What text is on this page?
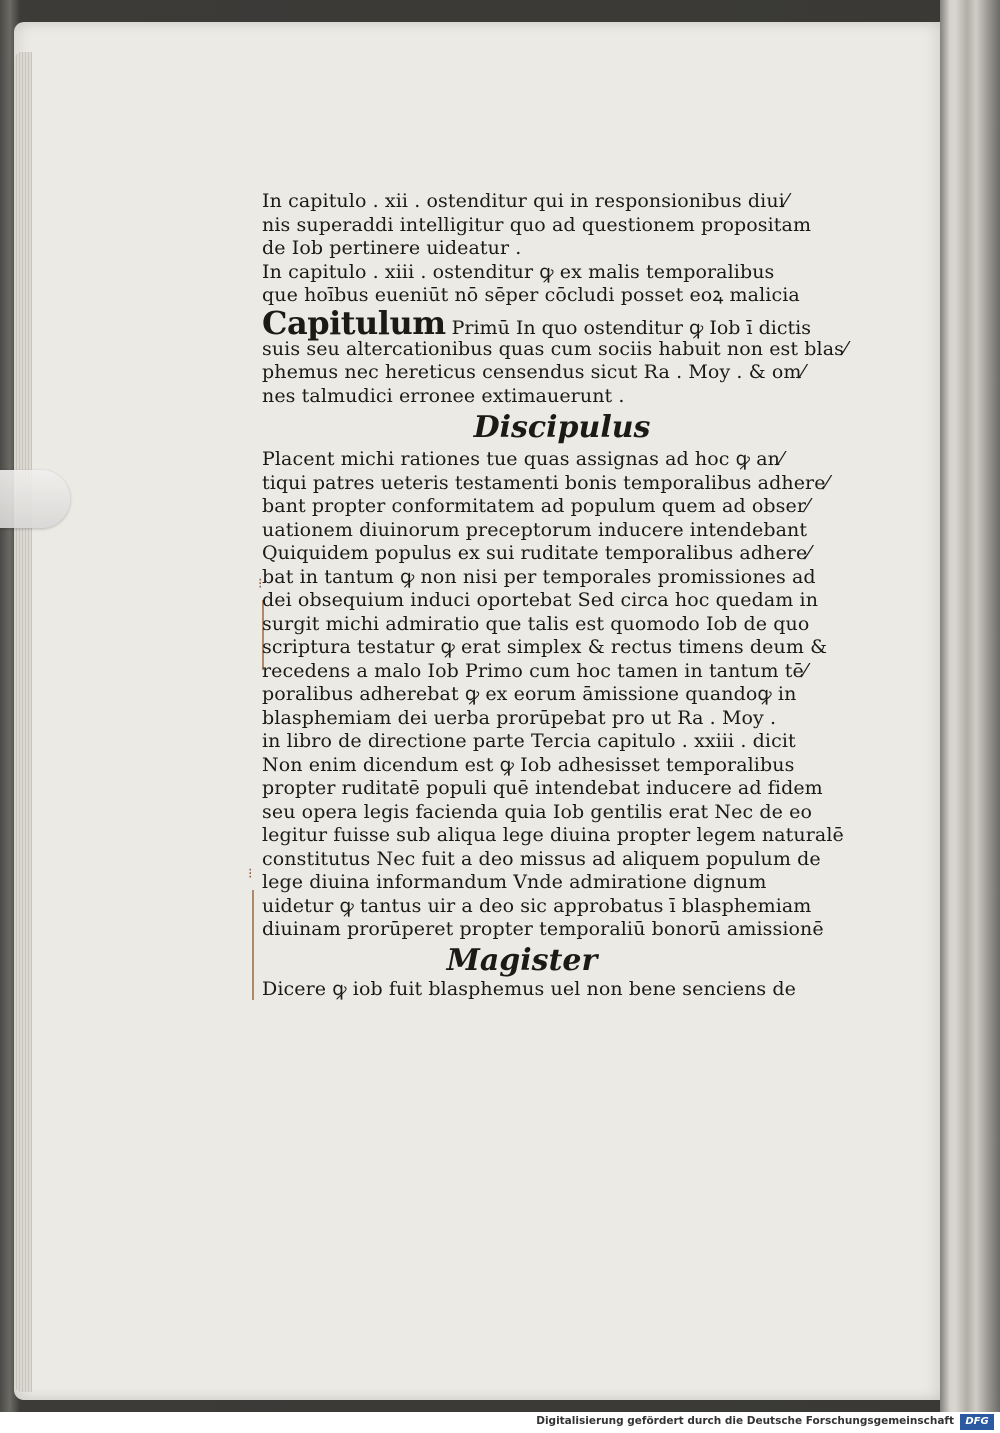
⁝
⁝
In capitulo . xii . ostenditur qui in responsionibus diui⁄
nis superaddi intelligitur quo ad questionem propositam
de Iob pertinere uideatur .
In capitulo . xiii . ostenditur ꝙ ex malis temporalibus
que hoībus eueniūt nō sēper cōcludi posset eoꝝ malicia
Capitulum Primū In quo ostenditur ꝙ Iob ī dictis
suis seu altercationibus quas cum sociis habuit non est blas⁄
phemus nec hereticus censendus sicut Ra . Moy . & om⁄
nes talmudici erronee extimauerunt .
Discipulus
Placent michi rationes tue quas assignas ad hoc ꝙ an⁄
tiqui patres ueteris testamenti bonis temporalibus adhere⁄
bant propter conformitatem ad populum quem ad obser⁄
uationem diuinorum preceptorum inducere intendebant
Quiquidem populus ex sui ruditate temporalibus adhere⁄
bat in tantum ꝙ non nisi per temporales promissiones ad
dei obsequium induci oportebat Sed circa hoc quedam in
surgit michi admiratio que talis est quomodo Iob de quo
scriptura testatur ꝙ erat simplex & rectus timens deum &
recedens a malo Iob Primo cum hoc tamen in tantum tē⁄
poralibus adherebat ꝙ ex eorum āmissione quandoꝙ in
blasphemiam dei uerba prorūpebat pro ut Ra . Moy .
in libro de directione parte Tercia capitulo . xxiii . dicit
Non enim dicendum est ꝙ Iob adhesisset temporalibus
propter ruditatē populi quē intendebat inducere ad fidem
seu opera legis facienda quia Iob gentilis erat Nec de eo
legitur fuisse sub aliqua lege diuina propter legem naturalē
constitutus Nec fuit a deo missus ad aliquem populum de
lege diuina informandum Vnde admiratione dignum
uidetur ꝙ tantus uir a deo sic approbatus ī blasphemiam
diuinam prorūperet propter temporaliū bonorū amissionē
Magister
Dicere ꝙ iob fuit blasphemus uel non bene senciens de
Digitalisierung gefördert durch die Deutsche Forschungsgemeinschaft	DFG
